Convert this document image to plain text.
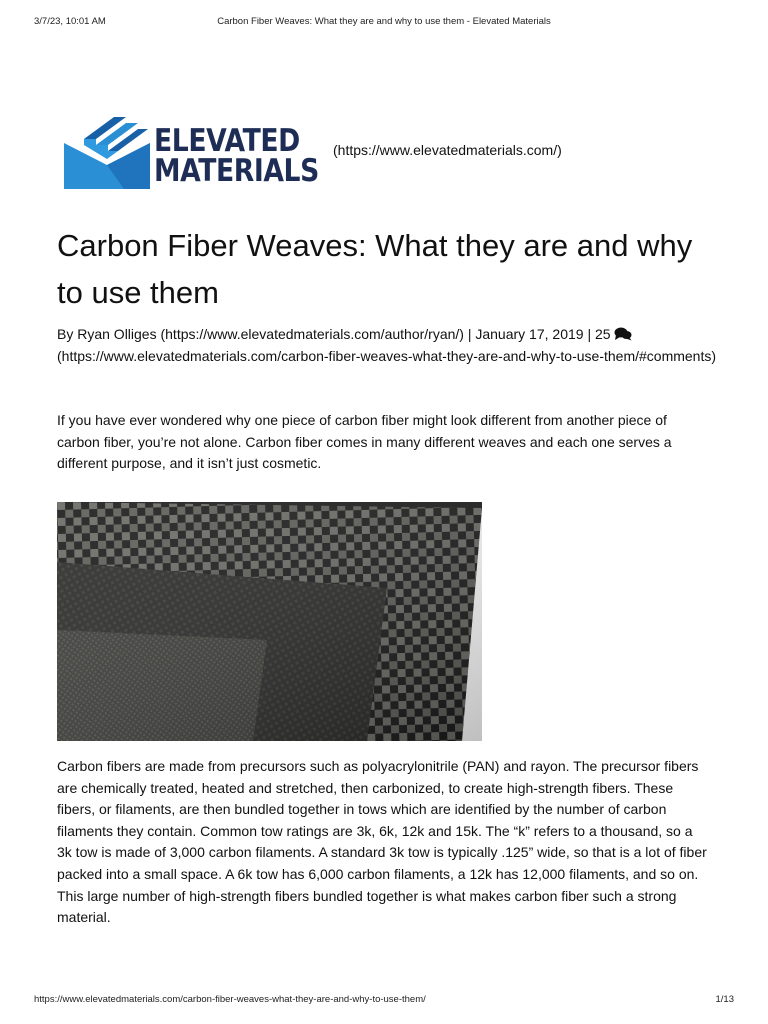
3/7/23, 10:01 AM	Carbon Fiber Weaves: What they are and why to use them - Elevated Materials
ELEVATED
MATERIALS
(https://www.elevatedmaterials.com/)
Carbon Fiber Weaves: What they are and why to use them
By Ryan Olliges (https://www.elevatedmaterials.com/author/ryan/) | January 17, 2019 | 25
(https://www.elevatedmaterials.com/carbon-fiber-weaves-what-they-are-and-why-to-use-them/#comments)

If you have ever wondered why one piece of carbon fiber might look different from another piece of carbon fiber, you’re not alone. Carbon fiber comes in many different weaves and each one serves a different purpose, and it isn’t just cosmetic.

Carbon fibers are made from precursors such as polyacrylonitrile (PAN) and rayon. The precursor fibers are chemically treated, heated and stretched, then carbonized, to create high-strength fibers. These fibers, or filaments, are then bundled together in tows which are identified by the number of carbon filaments they contain. Common tow ratings are 3k, 6k, 12k and 15k. The “k” refers to a thousand, so a 3k tow is made of 3,000 carbon filaments. A standard 3k tow is typically .125” wide, so that is a lot of fiber packed into a small space. A 6k tow has 6,000 carbon filaments, a 12k has 12,000 filaments, and so on. This large number of high-strength fibers bundled together is what makes carbon fiber such a strong material.

https://www.elevatedmaterials.com/carbon-fiber-weaves-what-they-are-and-why-to-use-them/	1/13
